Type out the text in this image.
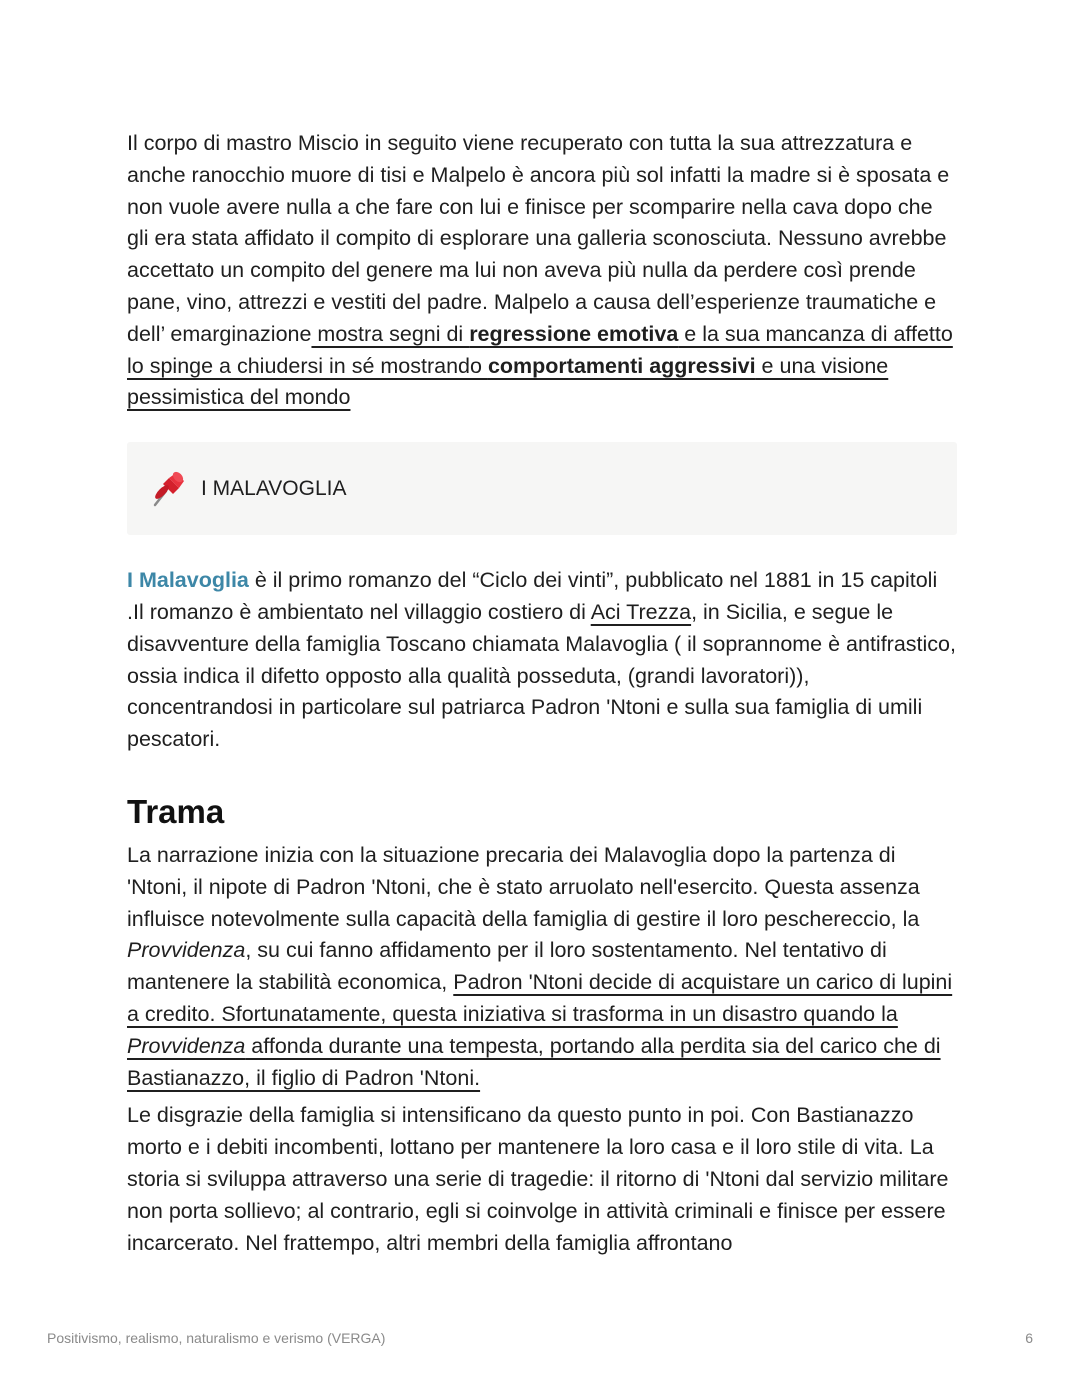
Il corpo di mastro Miscio in seguito viene recuperato con tutta la sua attrezzatura e anche ranocchio muore di tisi e Malpelo è ancora più sol infatti la madre si è sposata e non vuole avere nulla a che fare con lui e finisce per scomparire nella cava dopo che gli era stata affidato il compito di esplorare una galleria sconosciuta. Nessuno avrebbe accettato un compito del genere ma lui non aveva più nulla da perdere così prende pane, vino, attrezzi e vestiti del padre. Malpelo a causa dell’esperienze traumatiche e dell’ emarginazione mostra segni di regressione emotiva e la sua mancanza di affetto lo spinge a chiudersi in sé mostrando comportamenti aggressivi e una visione pessimistica del mondo

I MALAVOGLIA

I Malavoglia è il primo romanzo del “Ciclo dei vinti”, pubblicato nel 1881 in 15 capitoli .Il romanzo è ambientato nel villaggio costiero di Aci Trezza, in Sicilia, e segue le disavventure della famiglia Toscano chiamata Malavoglia ( il soprannome è antifrastico, ossia indica il difetto opposto alla qualità posseduta, (grandi lavoratori)), concentrandosi in particolare sul patriarca Padron 'Ntoni e sulla sua famiglia di umili pescatori.

Trama

La narrazione inizia con la situazione precaria dei Malavoglia dopo la partenza di 'Ntoni, il nipote di Padron 'Ntoni, che è stato arruolato nell'esercito. Questa assenza influisce notevolmente sulla capacità della famiglia di gestire il loro peschereccio, la Provvidenza, su cui fanno affidamento per il loro sostentamento. Nel tentativo di mantenere la stabilità economica, Padron 'Ntoni decide di acquistare un carico di lupini a credito. Sfortunatamente, questa iniziativa si trasforma in un disastro quando la Provvidenza affonda durante una tempesta, portando alla perdita sia del carico che di Bastianazzo, il figlio di Padron 'Ntoni.

Le disgrazie della famiglia si intensificano da questo punto in poi. Con Bastianazzo morto e i debiti incombenti, lottano per mantenere la loro casa e il loro stile di vita. La storia si sviluppa attraverso una serie di tragedie: il ritorno di 'Ntoni dal servizio militare non porta sollievo; al contrario, egli si coinvolge in attività criminali e finisce per essere incarcerato. Nel frattempo, altri membri della famiglia affrontano

Positivismo, realismo, naturalismo e verismo (VERGA)	6
